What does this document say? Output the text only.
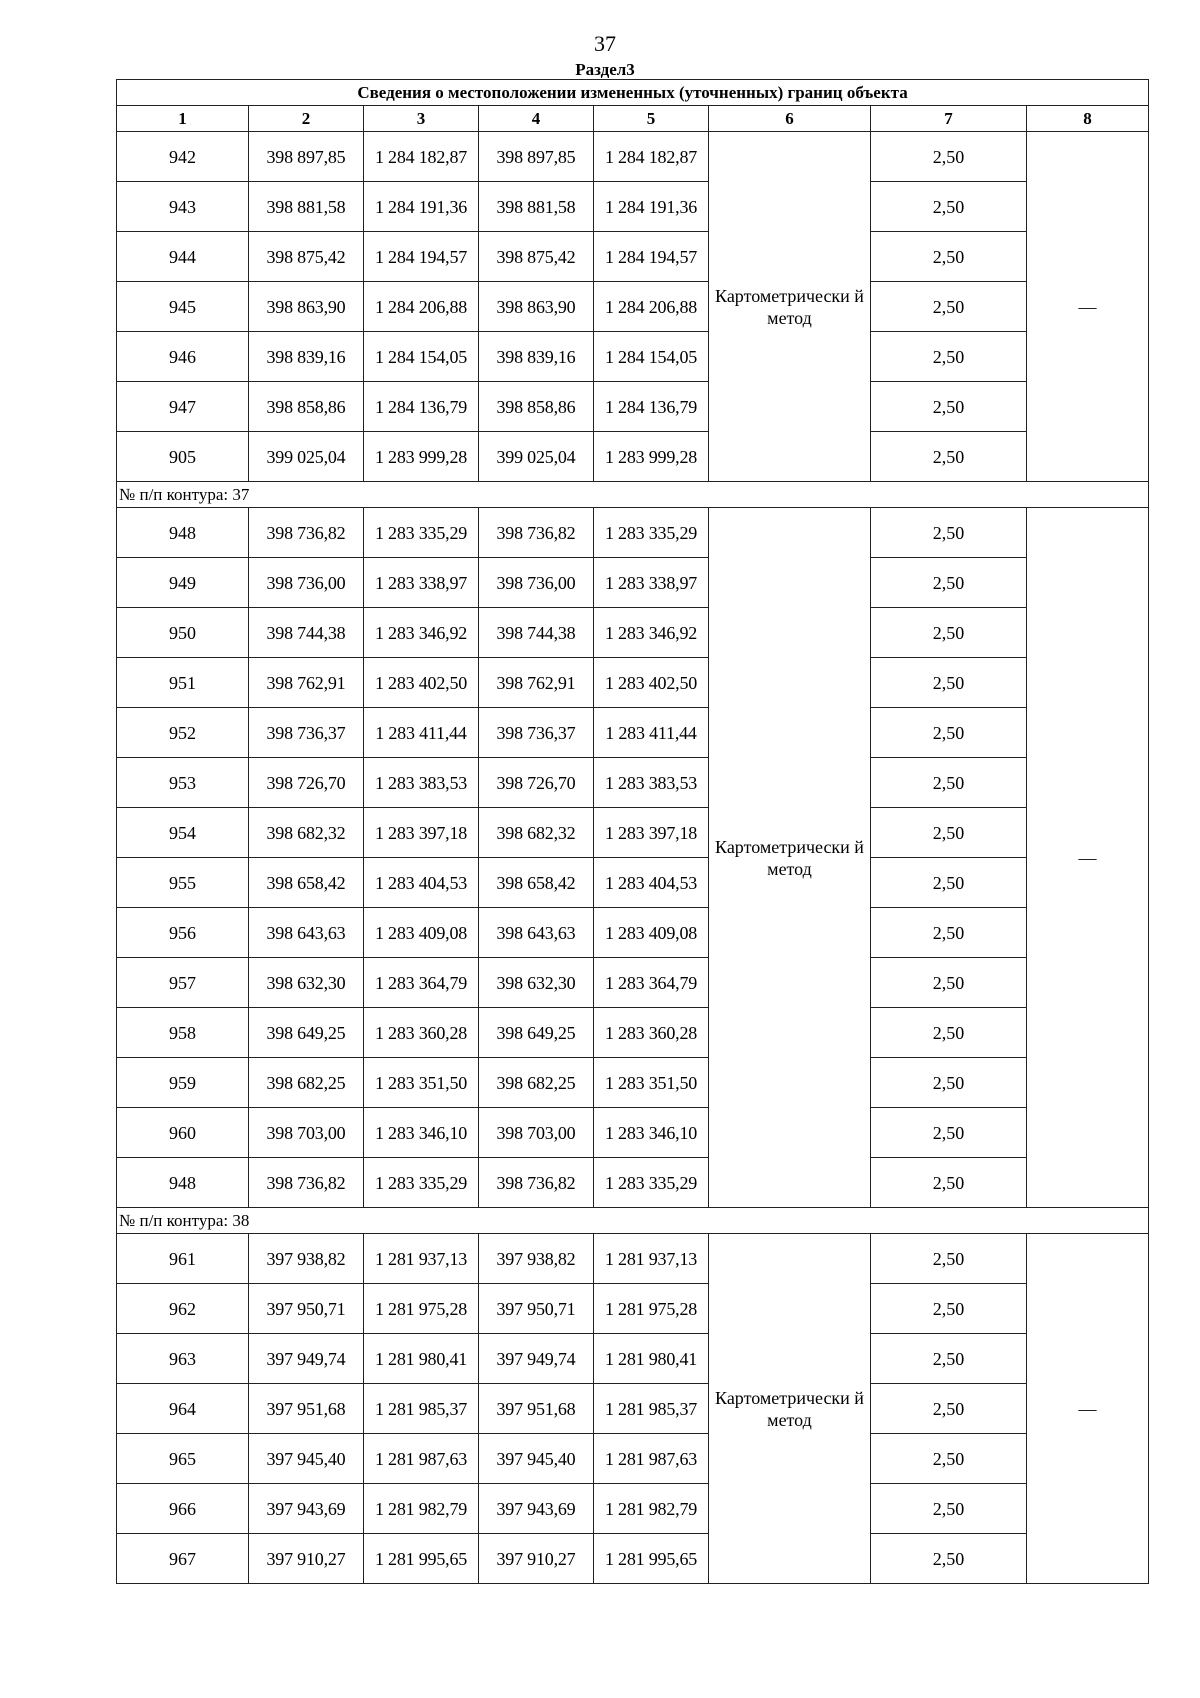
37
Раздел3
Сведения о местоположении измененных (уточненных) границ объекта							
1	2	3	4	5	6	7	8
942	398 897,85	1 284 182,87	398 897,85	1 284 182,87	Картометрически й метод	2,50	—
943	398 881,58	1 284 191,36	398 881,58	1 284 191,36		2,50	
944	398 875,42	1 284 194,57	398 875,42	1 284 194,57		2,50	
945	398 863,90	1 284 206,88	398 863,90	1 284 206,88		2,50	
946	398 839,16	1 284 154,05	398 839,16	1 284 154,05		2,50	
947	398 858,86	1 284 136,79	398 858,86	1 284 136,79		2,50	
905	399 025,04	1 283 999,28	399 025,04	1 283 999,28		2,50	
№ п/п контура: 37							
948	398 736,82	1 283 335,29	398 736,82	1 283 335,29	Картометрически й метод	2,50	—
949	398 736,00	1 283 338,97	398 736,00	1 283 338,97		2,50	
950	398 744,38	1 283 346,92	398 744,38	1 283 346,92		2,50	
951	398 762,91	1 283 402,50	398 762,91	1 283 402,50		2,50	
952	398 736,37	1 283 411,44	398 736,37	1 283 411,44		2,50	
953	398 726,70	1 283 383,53	398 726,70	1 283 383,53		2,50	
954	398 682,32	1 283 397,18	398 682,32	1 283 397,18		2,50	
955	398 658,42	1 283 404,53	398 658,42	1 283 404,53		2,50	
956	398 643,63	1 283 409,08	398 643,63	1 283 409,08		2,50	
957	398 632,30	1 283 364,79	398 632,30	1 283 364,79		2,50	
958	398 649,25	1 283 360,28	398 649,25	1 283 360,28		2,50	
959	398 682,25	1 283 351,50	398 682,25	1 283 351,50		2,50	
960	398 703,00	1 283 346,10	398 703,00	1 283 346,10		2,50	
948	398 736,82	1 283 335,29	398 736,82	1 283 335,29		2,50	
№ п/п контура: 38							
961	397 938,82	1 281 937,13	397 938,82	1 281 937,13	Картометрически й метод	2,50	—
962	397 950,71	1 281 975,28	397 950,71	1 281 975,28		2,50	
963	397 949,74	1 281 980,41	397 949,74	1 281 980,41		2,50	
964	397 951,68	1 281 985,37	397 951,68	1 281 985,37		2,50	
965	397 945,40	1 281 987,63	397 945,40	1 281 987,63		2,50	
966	397 943,69	1 281 982,79	397 943,69	1 281 982,79		2,50	
967	397 910,27	1 281 995,65	397 910,27	1 281 995,65		2,50	
